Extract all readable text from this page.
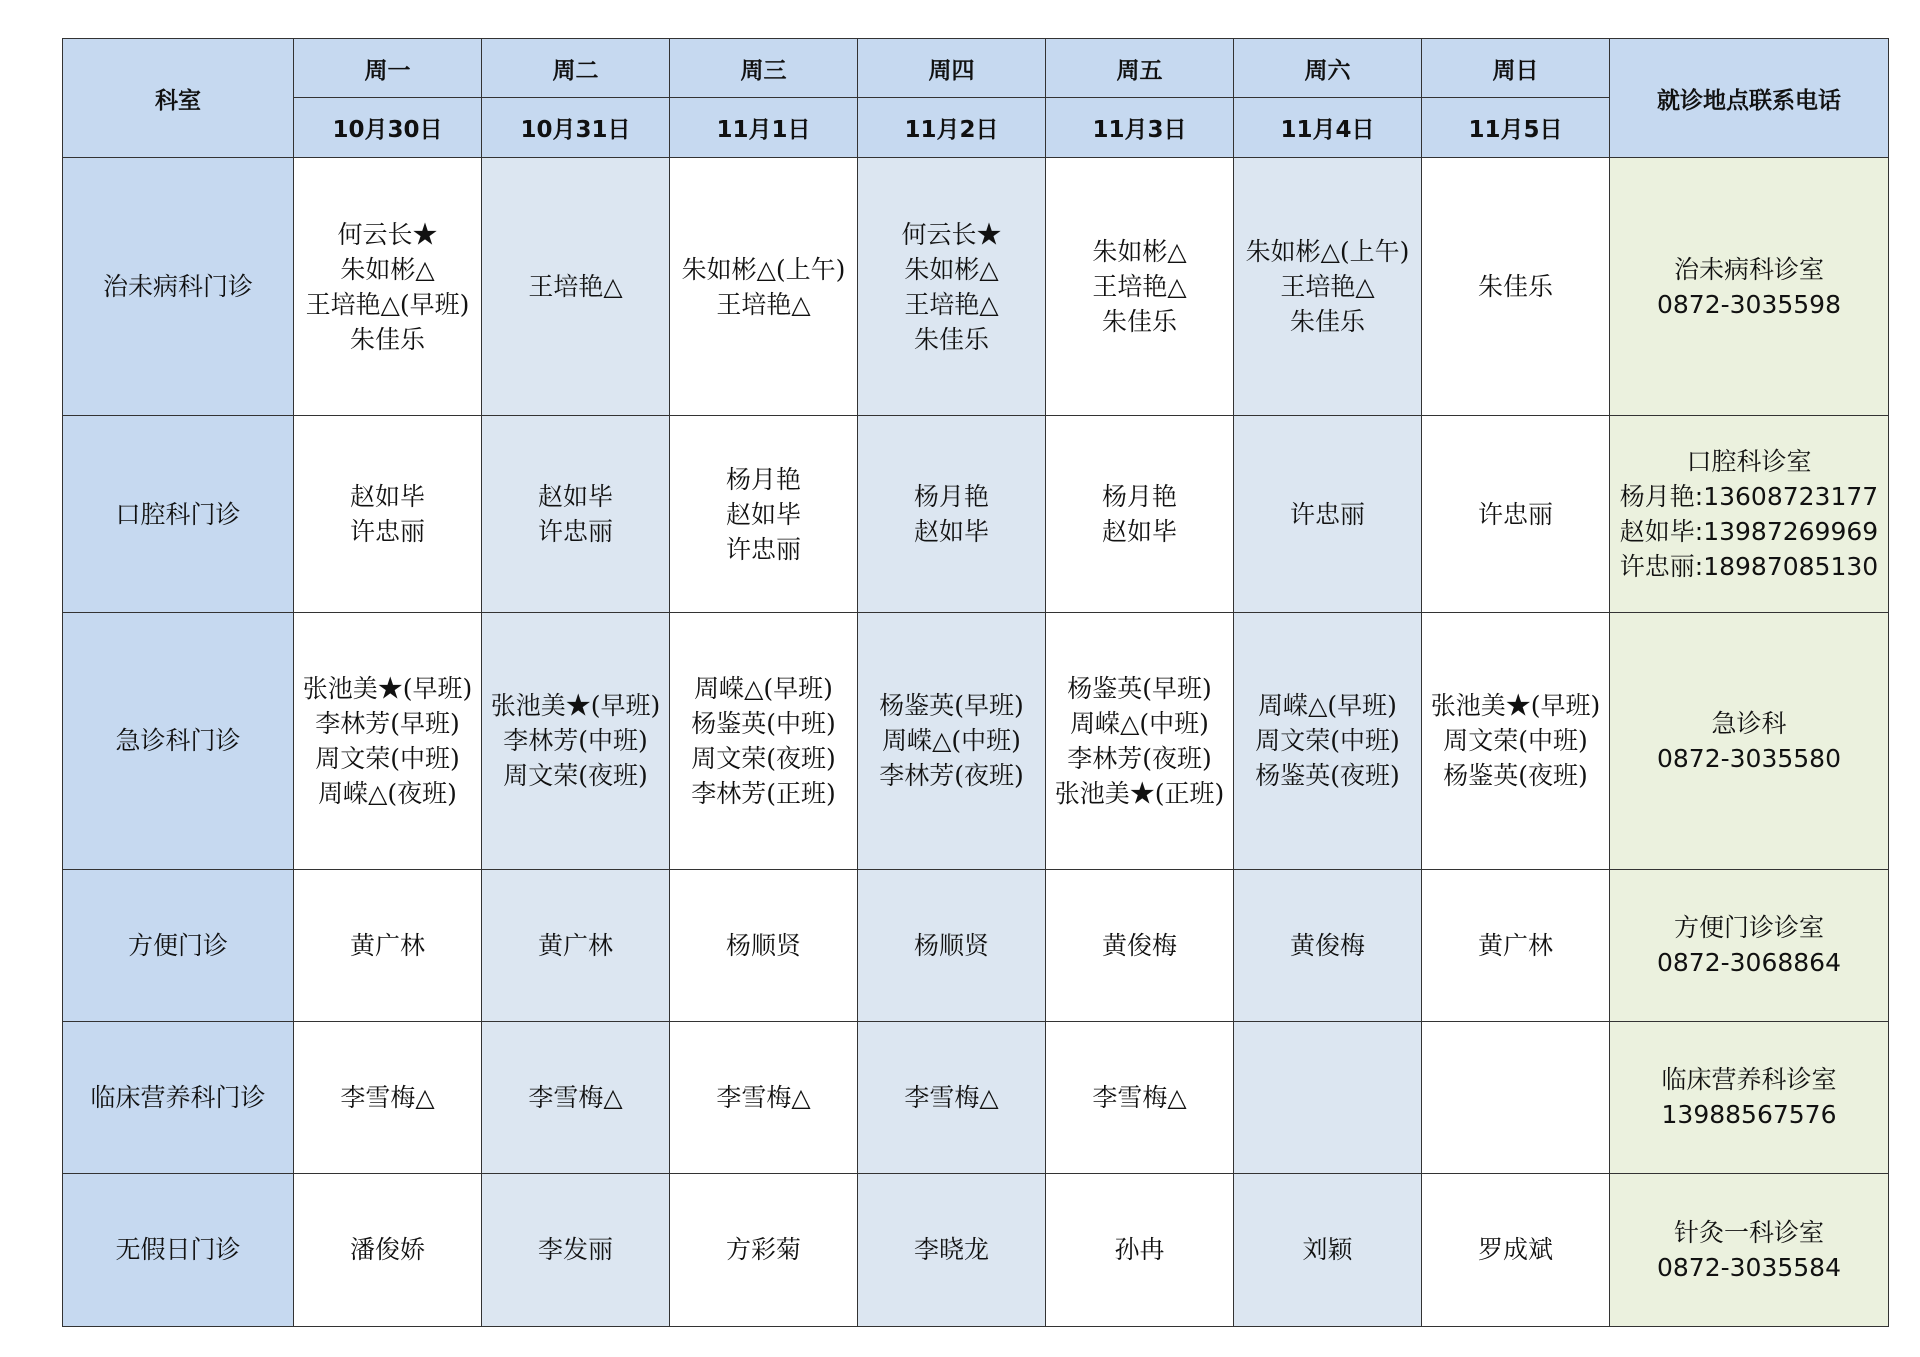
科室	周一	周二	周三	周四	周五	周六	周日	就诊地点联系电话
	10月30日	10月31日	11月1日	11月2日	11月3日	11月4日	11月5日	
治未病科门诊	何云长★
朱如彬△
王培艳△(早班)
朱佳乐	王培艳△	朱如彬△(上午)
王培艳△	何云长★
朱如彬△
王培艳△
朱佳乐	朱如彬△
王培艳△
朱佳乐	朱如彬△(上午)
王培艳△
朱佳乐	朱佳乐	治未病科诊室
0872-3035598

口腔科门诊	赵如毕
许忠丽	赵如毕
许忠丽	杨月艳
赵如毕
许忠丽	杨月艳
赵如毕	杨月艳
赵如毕	许忠丽	许忠丽	口腔科诊室
杨月艳:13608723177
赵如毕:13987269969
许忠丽:18987085130

急诊科门诊	张池美★(早班)
李林芳(早班)
周文荣(中班)
周嵘△(夜班)	张池美★(早班)
李林芳(中班)
周文荣(夜班)	周嵘△(早班)
杨鉴英(中班)
周文荣(夜班)
李林芳(正班)	杨鉴英(早班)
周嵘△(中班)
李林芳(夜班)	杨鉴英(早班)
周嵘△(中班)
李林芳(夜班)
张池美★(正班)	周嵘△(早班)
周文荣(中班)
杨鉴英(夜班)	张池美★(早班)
周文荣(中班)
杨鉴英(夜班)	急诊科
0872-3035580

方便门诊	黄广林	黄广林	杨顺贤	杨顺贤	黄俊梅	黄俊梅	黄广林	方便门诊诊室
0872-3068864

临床营养科门诊	李雪梅△	李雪梅△	李雪梅△	李雪梅△	李雪梅△			临床营养科诊室
13988567576

无假日门诊	潘俊娇	李发丽	方彩菊	李晓龙	孙冉	刘颖	罗成斌	针灸一科诊室
0872-3035584
